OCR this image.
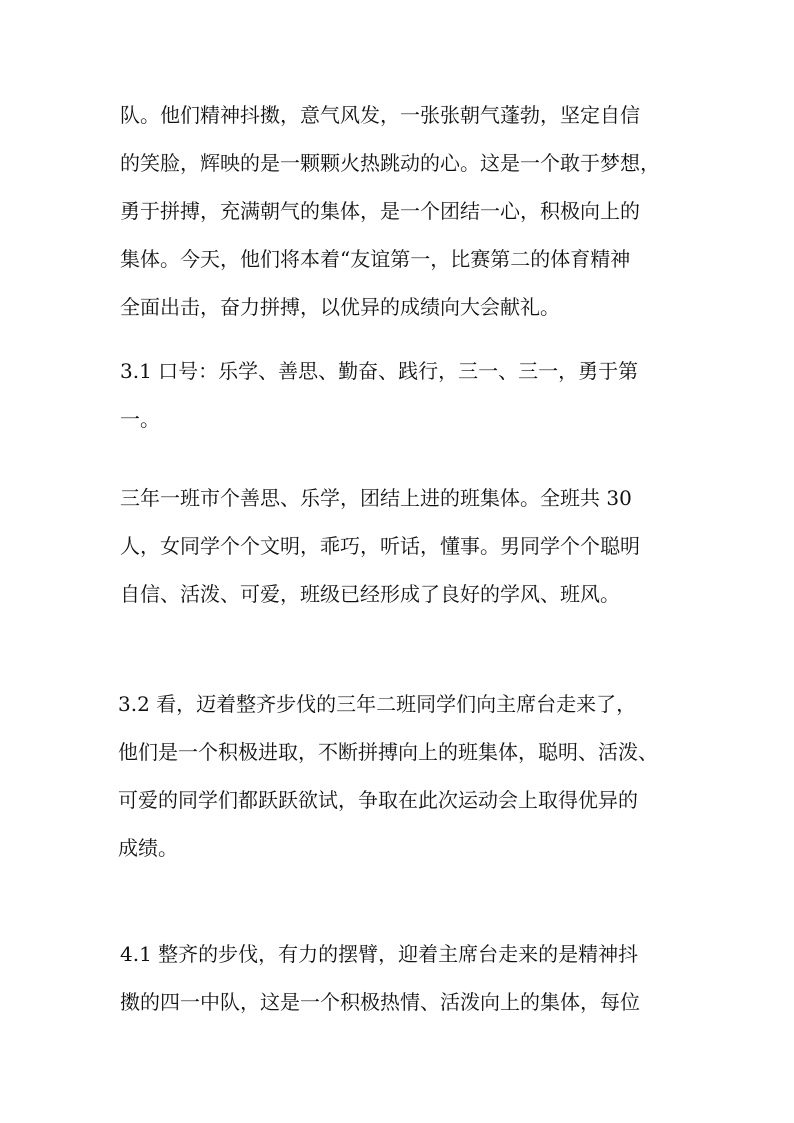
队。他们精神抖擞，意气风发，一张张朝气蓬勃，坚定自信
的笑脸，辉映的是一颗颗火热跳动的心。这是一个敢于梦想，
勇于拼搏，充满朝气的集体，是一个团结一心，积极向上的
集体。今天，他们将本着“友谊第一，比赛第二的体育精神
全面出击，奋力拼搏，以优异的成绩向大会献礼。
3.1 口号：乐学、善思、勤奋、践行，三一、三一，勇于第
一。
三年一班市个善思、乐学，团结上进的班集体。全班共 30
人，女同学个个文明，乖巧，听话，懂事。男同学个个聪明
自信、活泼、可爱，班级已经形成了良好的学风、班风。
3.2 看，迈着整齐步伐的三年二班同学们向主席台走来了，
他们是一个积极进取，不断拼搏向上的班集体，聪明、活泼、
可爱的同学们都跃跃欲试，争取在此次运动会上取得优异的
成绩。
4.1 整齐的步伐，有力的摆臂，迎着主席台走来的是精神抖
擞的四一中队，这是一个积极热情、活泼向上的集体，每位
